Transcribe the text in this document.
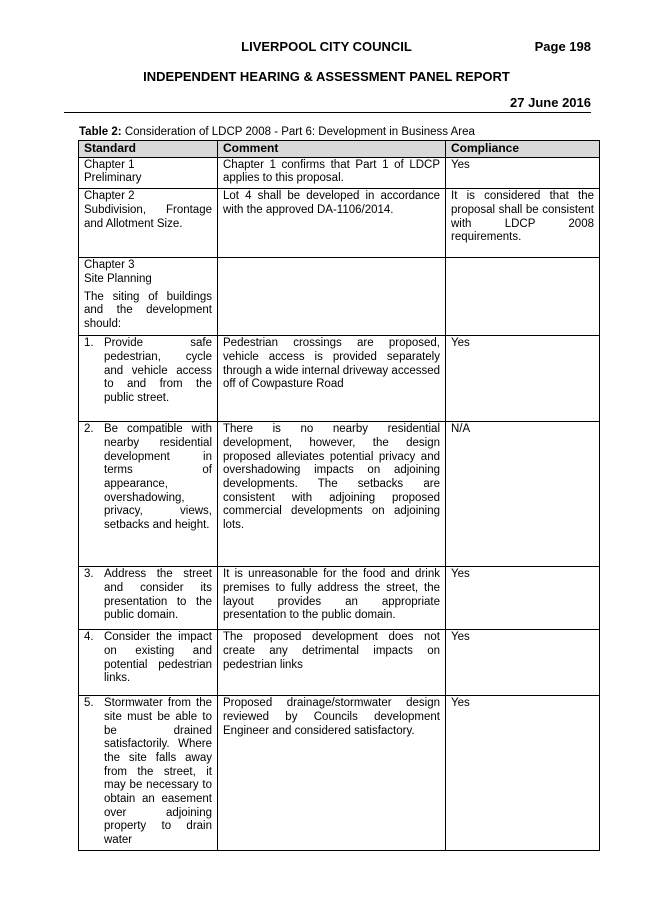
LIVERPOOL CITY COUNCIL	Page 198
INDEPENDENT HEARING & ASSESSMENT PANEL REPORT
27 June 2016
Table 2: Consideration of LDCP 2008 - Part 6: Development in Business Area
Standard	Comment	Compliance

Chapter 1
Preliminary	Chapter 1 confirms that Part 1 of LDCP applies to this proposal.	Yes

Chapter 2
Subdivision, Frontage and Allotment Size.	Lot 4 shall be developed in accordance with the approved DA-1106/2014.	It is considered that the proposal shall be consistent with LDCP 2008 requirements.

Chapter 3
Site Planning

The siting of buildings and the development should:		

1. Provide safe pedestrian, cycle and vehicle access to and from the public street.	Pedestrian crossings are proposed, vehicle access is provided separately through a wide internal driveway accessed off of Cowpasture Road	Yes

2. Be compatible with nearby residential development in terms of appearance, overshadowing, privacy, views, setbacks and height.	There is no nearby residential development, however, the design proposed alleviates potential privacy and overshadowing impacts on adjoining developments. The setbacks are consistent with adjoining proposed commercial developments on adjoining lots.	N/A

3. Address the street and consider its presentation to the public domain.	It is unreasonable for the food and drink premises to fully address the street, the layout provides an appropriate presentation to the public domain.	Yes

4. Consider the impact on existing and potential pedestrian links.	The proposed development does not create any detrimental impacts on pedestrian links	Yes

5. Stormwater from the site must be able to be drained satisfactorily. Where the site falls away from the street, it may be necessary to obtain an easement over adjoining property to drain water	Proposed drainage/stormwater design reviewed by Councils development Engineer and considered satisfactory.	Yes
